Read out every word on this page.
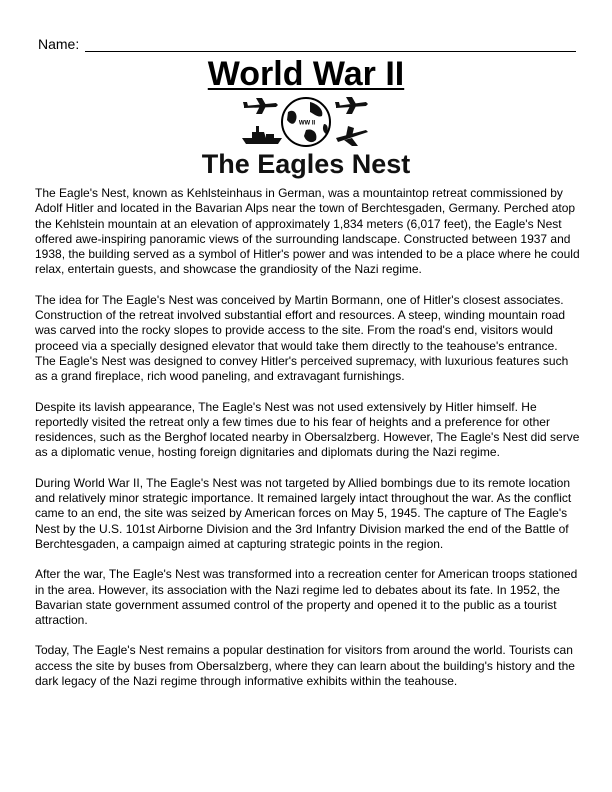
Name:
World War II
WW II
The Eagles Nest

The Eagle's Nest, known as Kehlsteinhaus in German, was a mountaintop retreat commissioned by Adolf Hitler and located in the Bavarian Alps near the town of Berchtesgaden, Germany. Perched atop the Kehlstein mountain at an elevation of approximately 1,834 meters (6,017 feet), the Eagle's Nest offered awe-inspiring panoramic views of the surrounding landscape. Constructed between 1937 and 1938, the building served as a symbol of Hitler's power and was intended to be a place where he could relax, entertain guests, and showcase the grandiosity of the Nazi regime.

The idea for The Eagle's Nest was conceived by Martin Bormann, one of Hitler's closest associates. Construction of the retreat involved substantial effort and resources. A steep, winding mountain road was carved into the rocky slopes to provide access to the site. From the road's end, visitors would proceed via a specially designed elevator that would take them directly to the teahouse's entrance. The Eagle's Nest was designed to convey Hitler's perceived supremacy, with luxurious features such as a grand fireplace, rich wood paneling, and extravagant furnishings.

Despite its lavish appearance, The Eagle's Nest was not used extensively by Hitler himself. He reportedly visited the retreat only a few times due to his fear of heights and a preference for other residences, such as the Berghof located nearby in Obersalzberg. However, The Eagle's Nest did serve as a diplomatic venue, hosting foreign dignitaries and diplomats during the Nazi regime.

During World War II, The Eagle's Nest was not targeted by Allied bombings due to its remote location and relatively minor strategic importance. It remained largely intact throughout the war. As the conflict came to an end, the site was seized by American forces on May 5, 1945. The capture of The Eagle's Nest by the U.S. 101st Airborne Division and the 3rd Infantry Division marked the end of the Battle of Berchtesgaden, a campaign aimed at capturing strategic points in the region.

After the war, The Eagle's Nest was transformed into a recreation center for American troops stationed in the area. However, its association with the Nazi regime led to debates about its fate. In 1952, the Bavarian state government assumed control of the property and opened it to the public as a tourist attraction.

Today, The Eagle's Nest remains a popular destination for visitors from around the world. Tourists can access the site by buses from Obersalzberg, where they can learn about the building's history and the dark legacy of the Nazi regime through informative exhibits within the teahouse.
